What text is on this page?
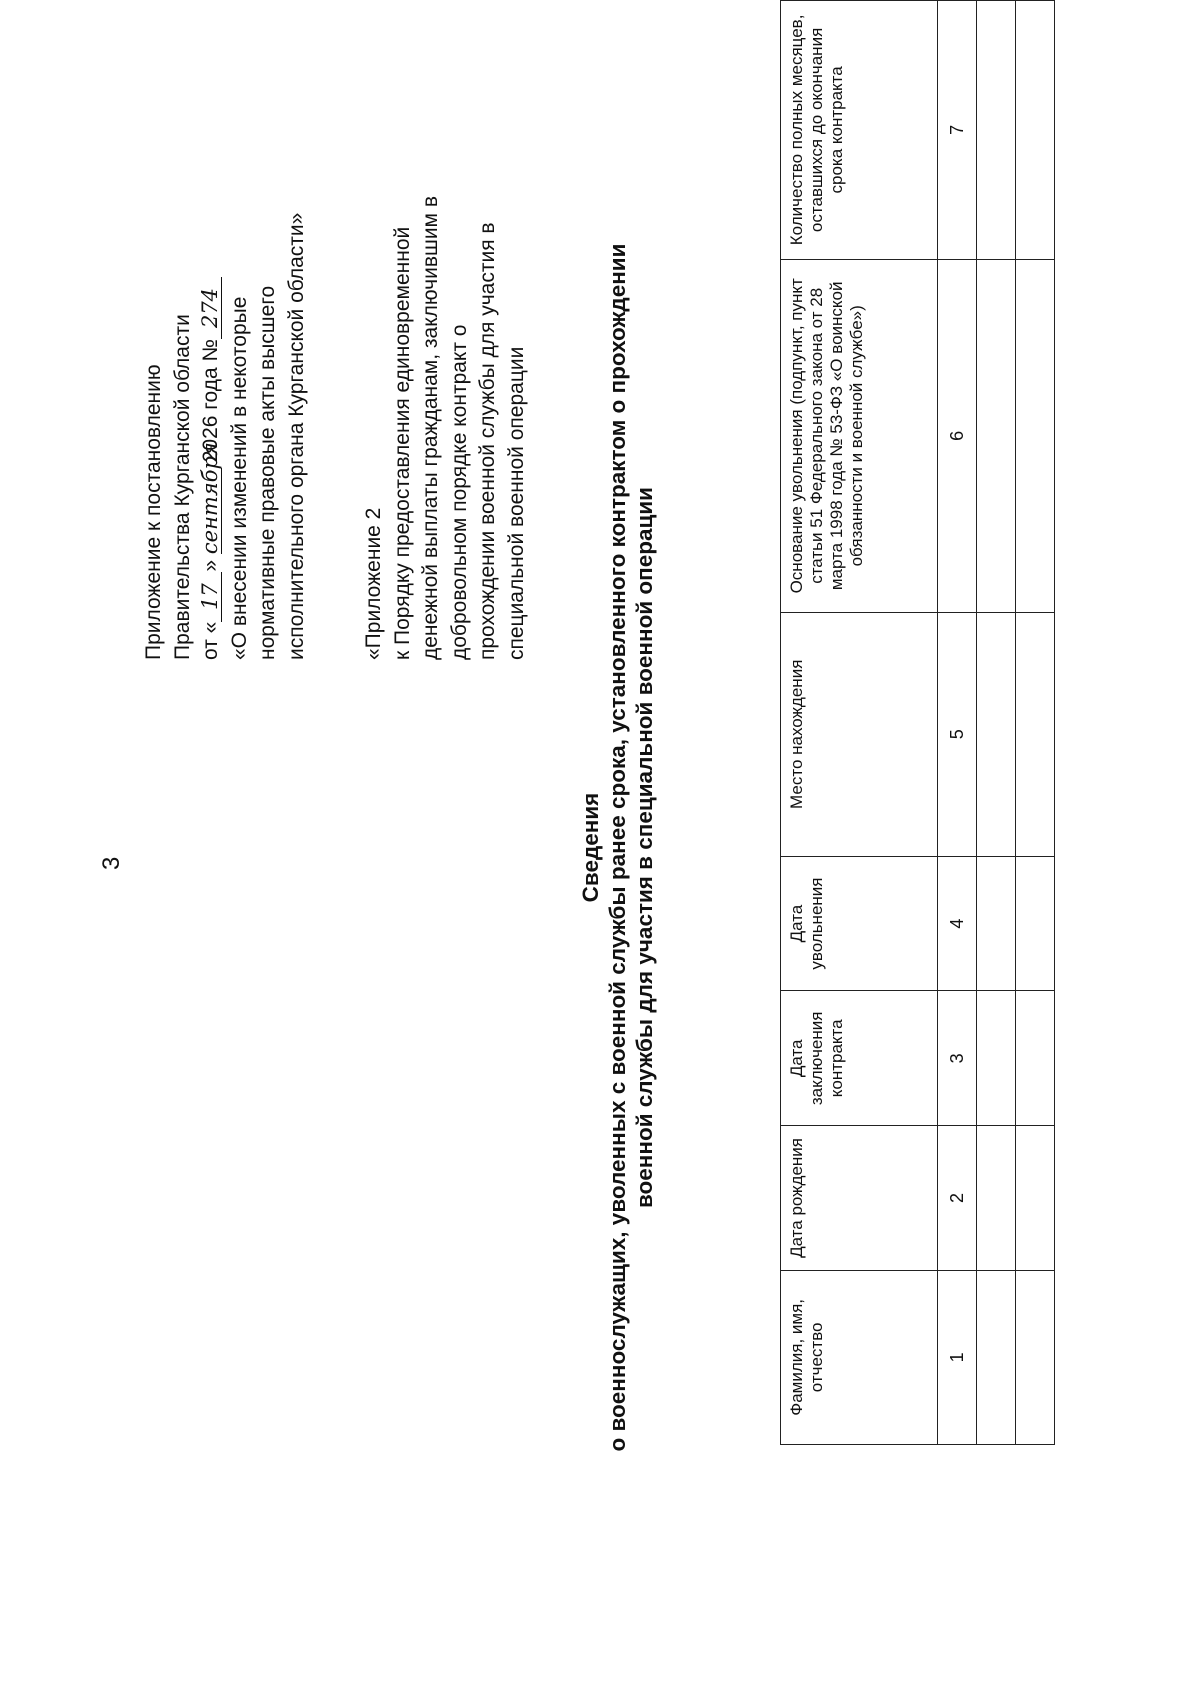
3
Приложение к постановлению Правительства Курганской области от «17» сентября 2026 года №274 «О внесении изменений в некоторые нормативные правовые акты высшего исполнительного органа Курганской области»	«Приложение 2 к Порядку предоставления единовременной денежной выплаты гражданам, заключившим в добровольном порядке контракт о прохождении военной службы для участия в специальной военной операции
Сведения о военнослужащих, уволенных с военной службы ранее срока, установленного контрактом о прохождении военной службы для участия в специальной военной операции
Фамилия, имя, отчество	Дата рождения	Дата заключения контракта	Дата увольнения	Место нахождения	Основание увольнения (подпункт, пункт статьи 51 Федерального закона от 28 марта 1998 года № 53-ФЗ «О воинской обязанности и военной службе»)	Количество полных месяцев, оставшихся до окончания срока контракта
1	2	3	4	5	6	7
